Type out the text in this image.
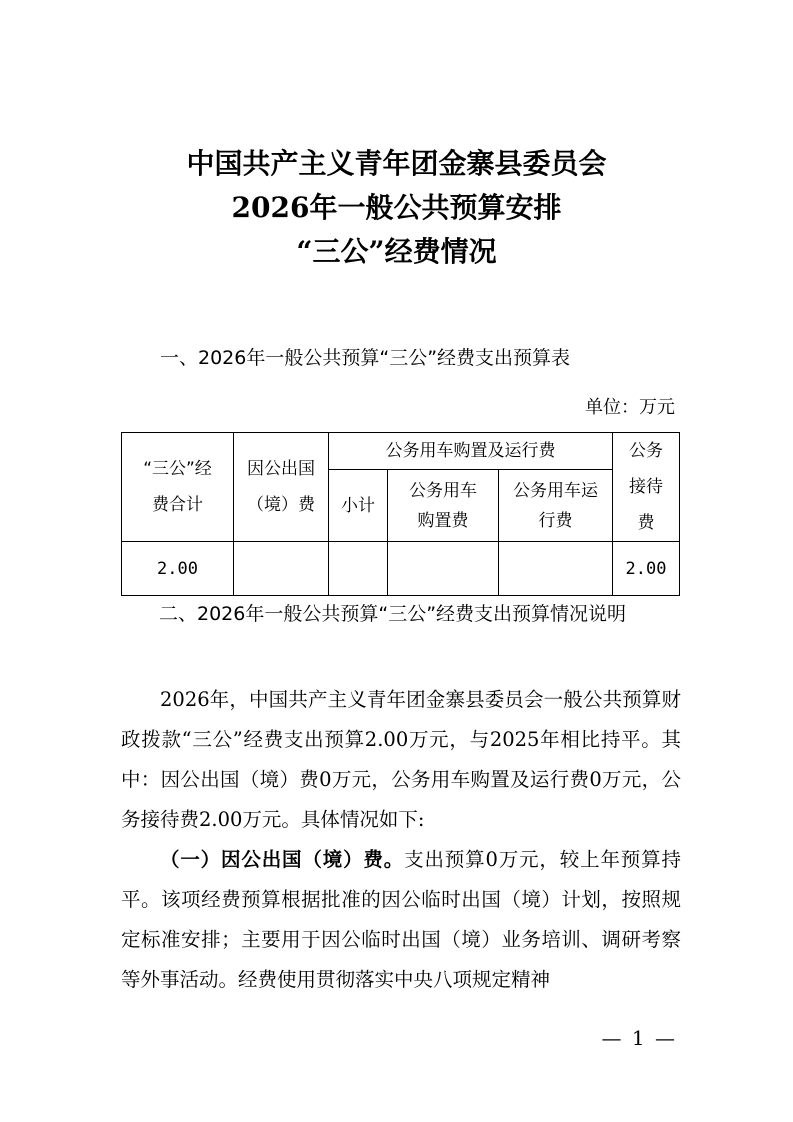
中国共产主义青年团金寨县委员会
2026年一般公共预算安排
“三公”经费情况
一、2026年一般公共预算“三公”经费支出预算表
单位：万元
“三公”经费合计	因公出国（境）费	公务用车购置及运行费			公务接待费
		小计	公务用车购置费	公务用车运行费	
2.00					2.00
二、2026年一般公共预算“三公”经费支出预算情况说明

2026年，中国共产主义青年团金寨县委员会一般公共预算财政拨款“三公”经费支出预算2.00万元，与2025年相比持平。其中：因公出国（境）费0万元，公务用车购置及运行费0万元，公务接待费2.00万元。具体情况如下:

（一）因公出国（境）费。支出预算0万元，较上年预算持平。该项经费预算根据批准的因公临时出国（境）计划，按照规定标准安排；主要用于因公临时出国（境）业务培训、调研考察等外事活动。经费使用贯彻落实中央八项规定精神

— 1 —
